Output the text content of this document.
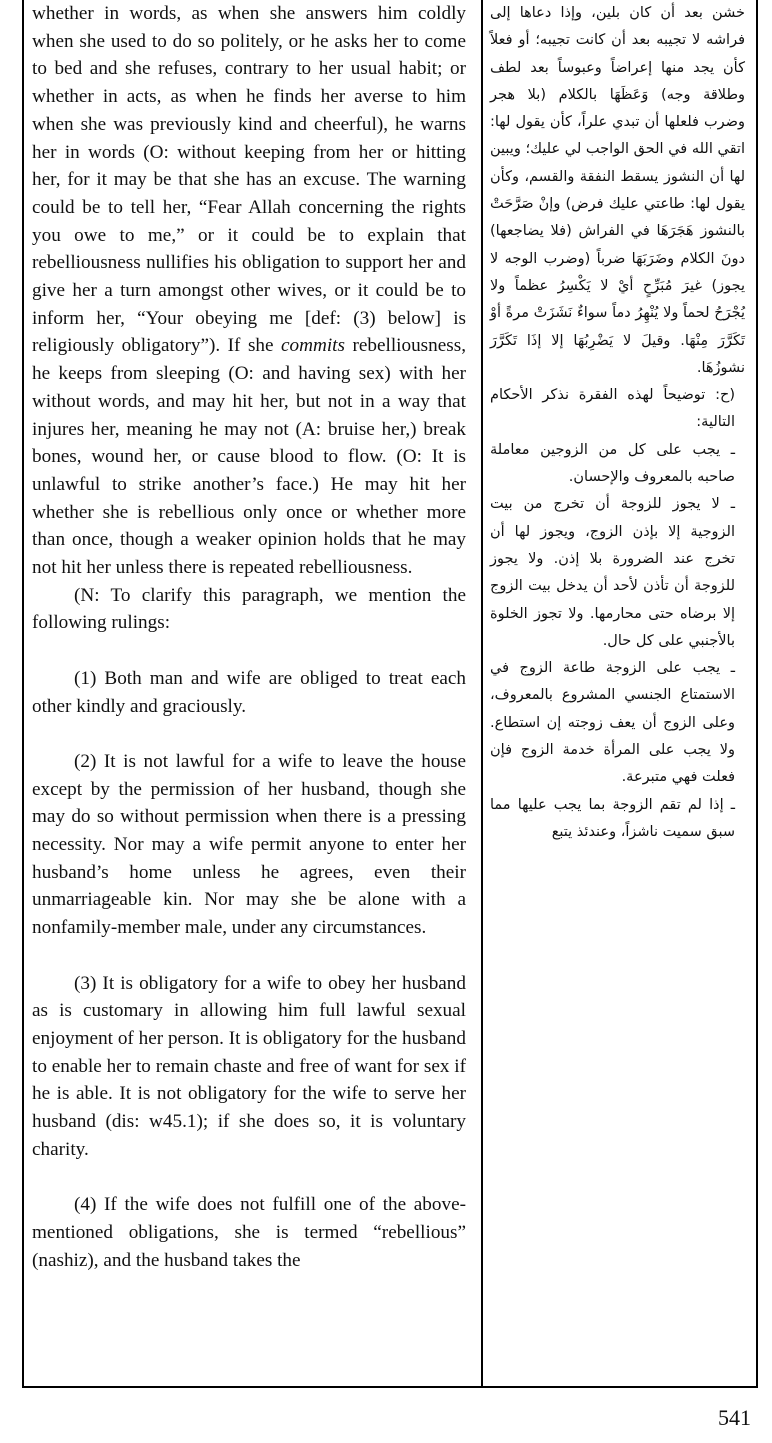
whether in words, as when she answers him coldly when she used to do so politely, or he asks her to come to bed and she refuses, contrary to her usual habit; or whether in acts, as when he finds her averse to him when she was previously kind and cheerful), he warns her in words (O: without keeping from her or hitting her, for it may be that she has an excuse. The warning could be to tell her, “Fear Allah concerning the rights you owe to me,” or it could be to explain that rebelliousness nullifies his obligation to support her and give her a turn amongst other wives, or it could be to inform her, “Your obeying me [def: (3) below] is religiously obligatory”). If she commits rebelliousness, he keeps from sleeping (O: and having sex) with her without words, and may hit her, but not in a way that injures her, meaning he may not (A: bruise her,) break bones, wound her, or cause blood to flow. (O: It is unlawful to strike another’s face.) He may hit her whether she is rebellious only once or whether more than once, though a weaker opinion holds that he may not hit her unless there is repeated rebelliousness.

(N: To clarify this paragraph, we mention the following rulings:

(1) Both man and wife are obliged to treat each other kindly and graciously.

(2) It is not lawful for a wife to leave the house except by the permission of her husband, though she may do so without permission when there is a pressing necessity. Nor may a wife permit anyone to enter her husband’s home unless he agrees, even their unmarriageable kin. Nor may she be alone with a nonfamily-member male, under any circumstances.

(3) It is obligatory for a wife to obey her husband as is customary in allowing him full lawful sexual enjoyment of her person. It is obligatory for the husband to enable her to remain chaste and free of want for sex if he is able. It is not obligatory for the wife to serve her husband (dis: w45.1); if she does so, it is voluntary charity.

(4) If the wife does not fulfill one of the above-mentioned obligations, she is termed “rebellious” (nashiz), and the husband takes the

خشن بعد أن كان بلين، وإذا دعاها إلى فراشه لا تجيبه بعد أن كانت تجيبه؛ أو فعلاً كأن يجد منها إعراضاً وعبوساً بعد لطف وطلاقة وجه) وَعَظَهَا بالكلام (بلا هجر وضرب فلعلها أن تبدي علراً، كأن يقول لها: اتقي الله في الحق الواجب لي عليك؛ ويبين لها أن النشوز يسقط النفقة والقسم، وكأن يقول لها: طاعتي عليك فرض) وإنْ صَرَّحَتْ بالنشوز هَجَرَهَا في الفراش (فلا يضاجعها) دونَ الكلام وضَرَبَهَا ضرباً (وضرب الوجه لا يجوز) غيرَ مُبَرِّحٍ أيْ لا يَكْسِرُ عظماً ولا يُجْرَحُ لحماً ولا يُنْهِرُ دماً سواءٌ نَشَزَتْ مرةً أوْ تَكَرَّرَ مِنْهَا. وقيلَ لا يَضْرِبُهَا إلا إذَا تَكَرَّرَ نشوزُهَا.

(ح: توضيحاً لهذه الفقرة نذكر الأحكام التالية:

ـ يجب على كل من الزوجين معاملة صاحبه بالمعروف والإحسان.

ـ لا يجوز للزوجة أن تخرج من بيت الزوجية إلا بإذن الزوج، ويجوز لها أن تخرج عند الضرورة بلا إذن. ولا يجوز للزوجة أن تأذن لأحد أن يدخل بيت الزوج إلا برضاه حتى محارمها. ولا تجوز الخلوة بالأجنبي على كل حال.

ـ يجب على الزوجة طاعة الزوج في الاستمتاع الجنسي المشروع بالمعروف، وعلى الزوج أن يعف زوجته إن استطاع. ولا يجب على المرأة خدمة الزوج فإن فعلت فهي متبرعة.

ـ إذا لم تقم الزوجة بما يجب عليها مما سبق سميت ناشزاً، وعندئذ يتبع

541
